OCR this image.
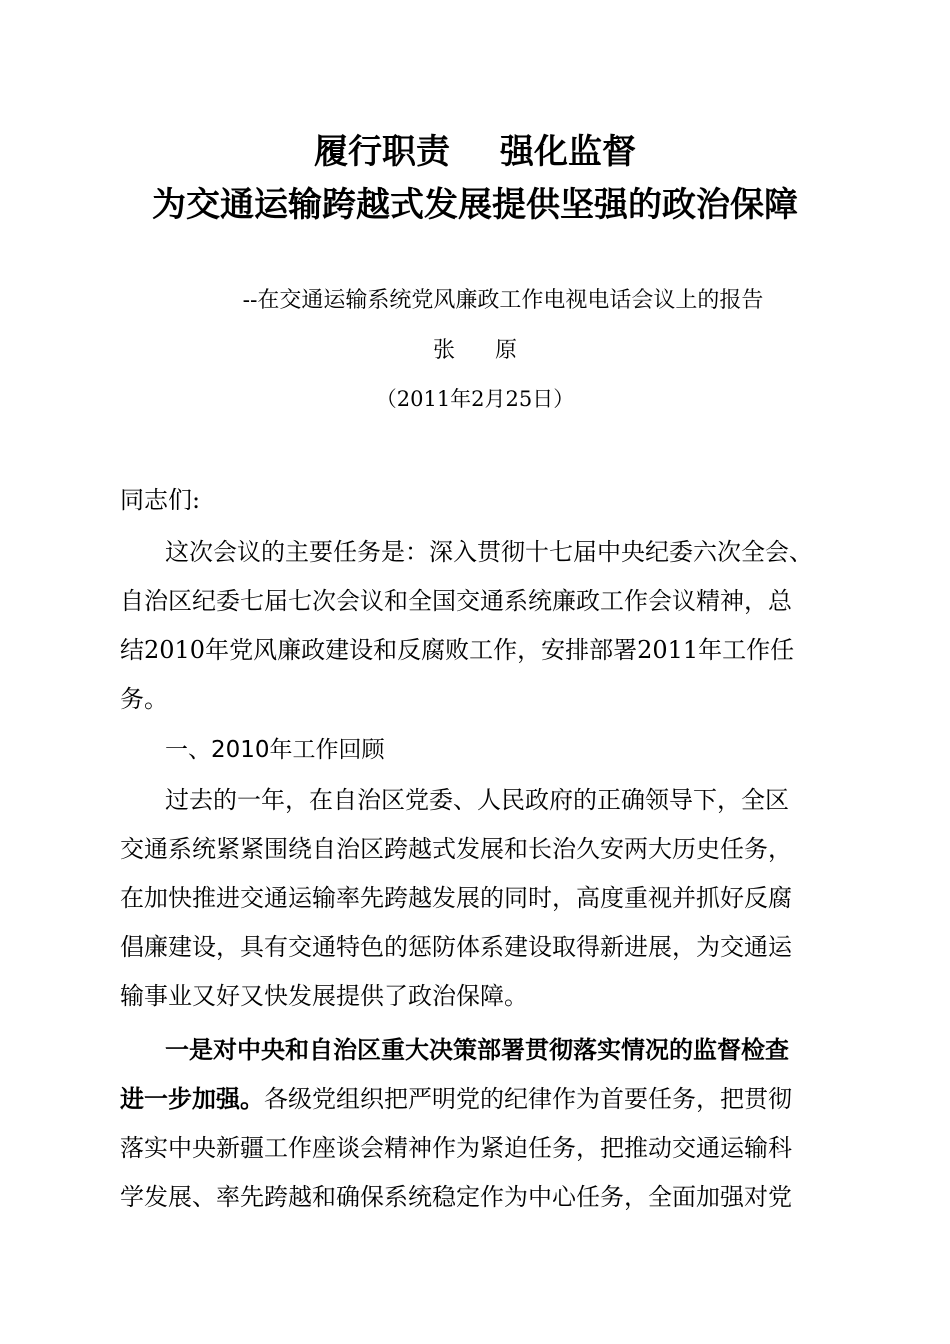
履行职责 强化监督
为交通运输跨越式发展提供坚强的政治保障
--在交通运输系统党风廉政工作电视电话会议上的报告
张 原
（2011年2月25日）
同志们:
这次会议的主要任务是：深入贯彻十七届中央纪委六次全会、
自治区纪委七届七次会议和全国交通系统廉政工作会议精神，总
结2010年党风廉政建设和反腐败工作，安排部署2011年工作任
务。
一、2010年工作回顾
过去的一年，在自治区党委、人民政府的正确领导下，全区
交通系统紧紧围绕自治区跨越式发展和长治久安两大历史任务，
在加快推进交通运输率先跨越发展的同时，高度重视并抓好反腐
倡廉建设，具有交通特色的惩防体系建设取得新进展，为交通运
输事业又好又快发展提供了政治保障。
一是对中央和自治区重大决策部署贯彻落实情况的监督检查
进一步加强。各级党组织把严明党的纪律作为首要任务，把贯彻
落实中央新疆工作座谈会精神作为紧迫任务，把推动交通运输科
学发展、率先跨越和确保系统稳定作为中心任务，全面加强对党
